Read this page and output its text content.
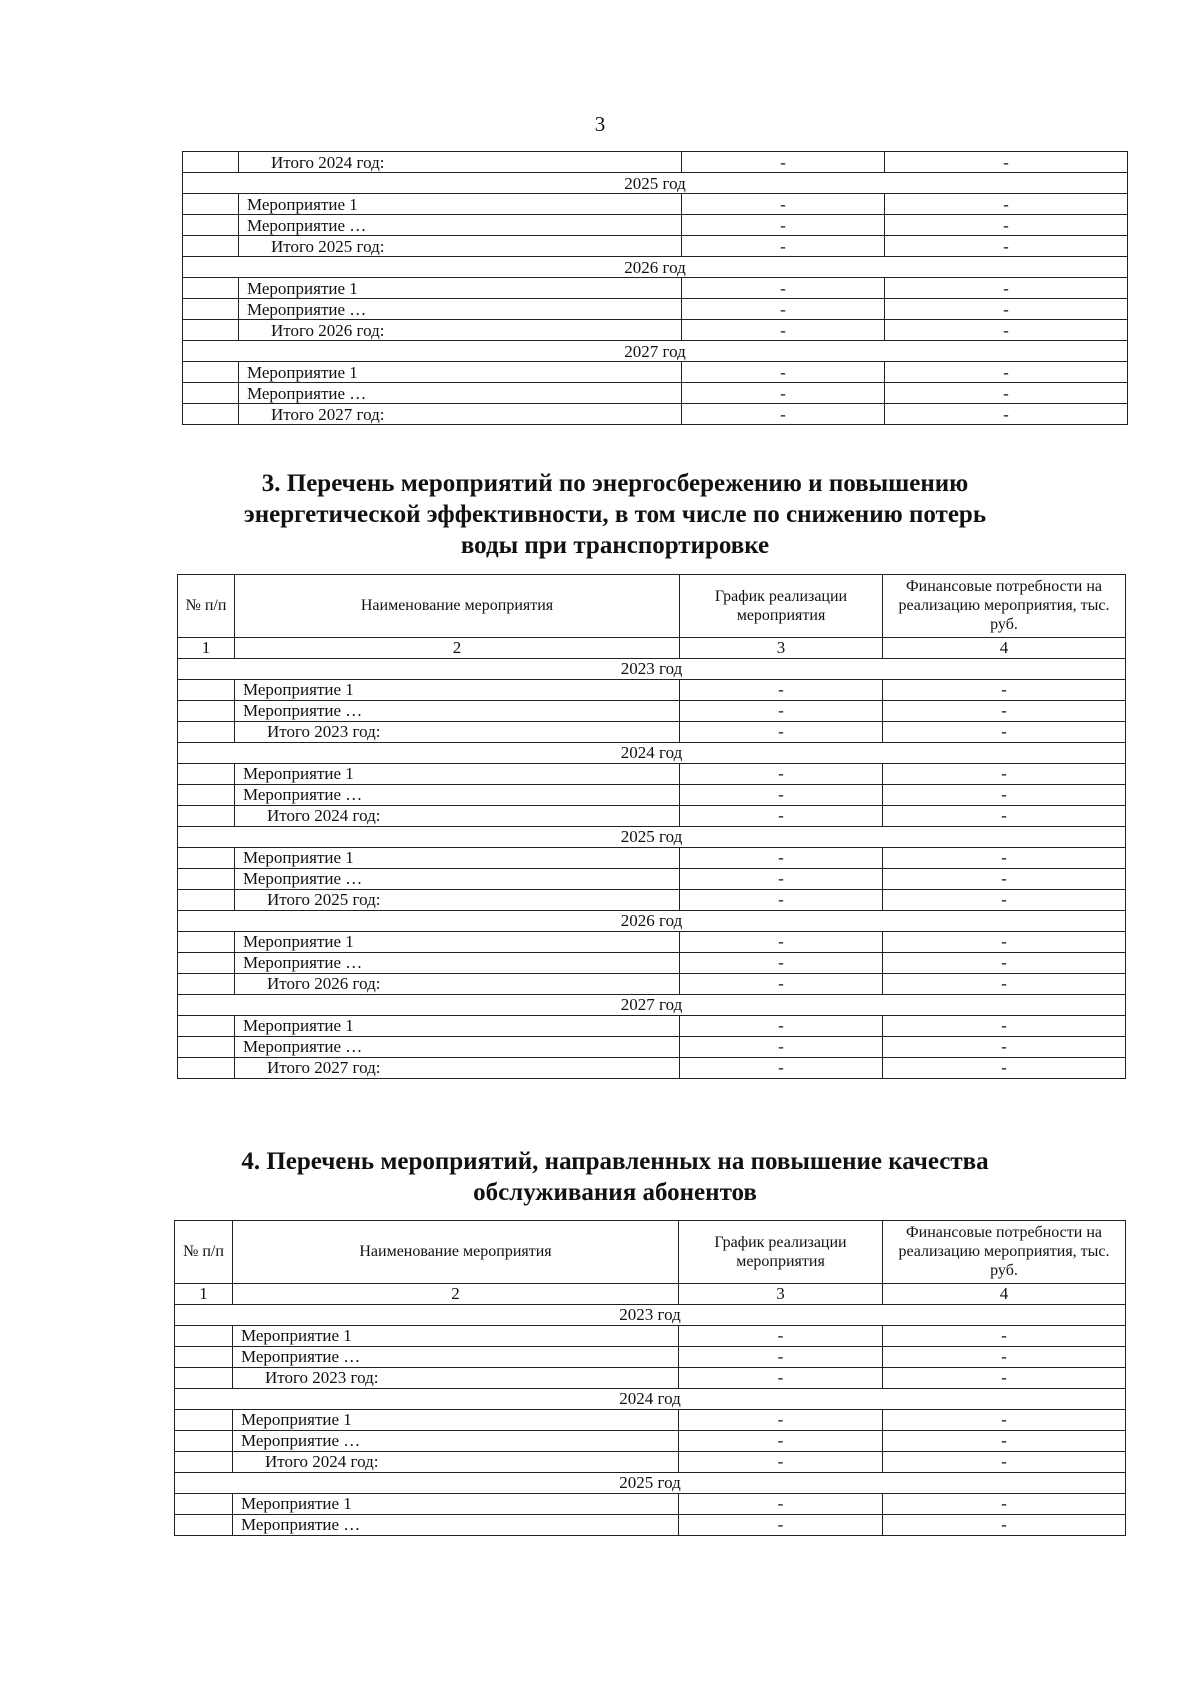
3
	Итого 2024 год:	-	-
2025 год			
	Мероприятие 1	-	-
	Мероприятие …	-	-
	Итого 2025 год:	-	-
2026 год			
	Мероприятие 1	-	-
	Мероприятие …	-	-
	Итого 2026 год:	-	-
2027 год			
	Мероприятие 1	-	-
	Мероприятие …	-	-
	Итого 2027 год:	-	-
3. Перечень мероприятий по энергосбережению и повышению
энергетической эффективности, в том числе по снижению потерь
воды при транспортировке
№ п/п	Наименование мероприятия	График реализации мероприятия	Финансовые потребности на реализацию мероприятия, тыс. руб.
1	2	3	4
2023 год			
	Мероприятие 1	-	-
	Мероприятие …	-	-
	Итого 2023 год:	-	-
2024 год			
	Мероприятие 1	-	-
	Мероприятие …	-	-
	Итого 2024 год:	-	-
2025 год			
	Мероприятие 1	-	-
	Мероприятие …	-	-
	Итого 2025 год:	-	-
2026 год			
	Мероприятие 1	-	-
	Мероприятие …	-	-
	Итого 2026 год:	-	-
2027 год			
	Мероприятие 1	-	-
	Мероприятие …	-	-
	Итого 2027 год:	-	-
4. Перечень мероприятий, направленных на повышение качества
обслуживания абонентов
№ п/п	Наименование мероприятия	График реализации мероприятия	Финансовые потребности на реализацию мероприятия, тыс. руб.
1	2	3	4
2023 год			
	Мероприятие 1	-	-
	Мероприятие …	-	-
	Итого 2023 год:	-	-
2024 год			
	Мероприятие 1	-	-
	Мероприятие …	-	-
	Итого 2024 год:	-	-
2025 год			
	Мероприятие 1	-	-
	Мероприятие …	-	-
